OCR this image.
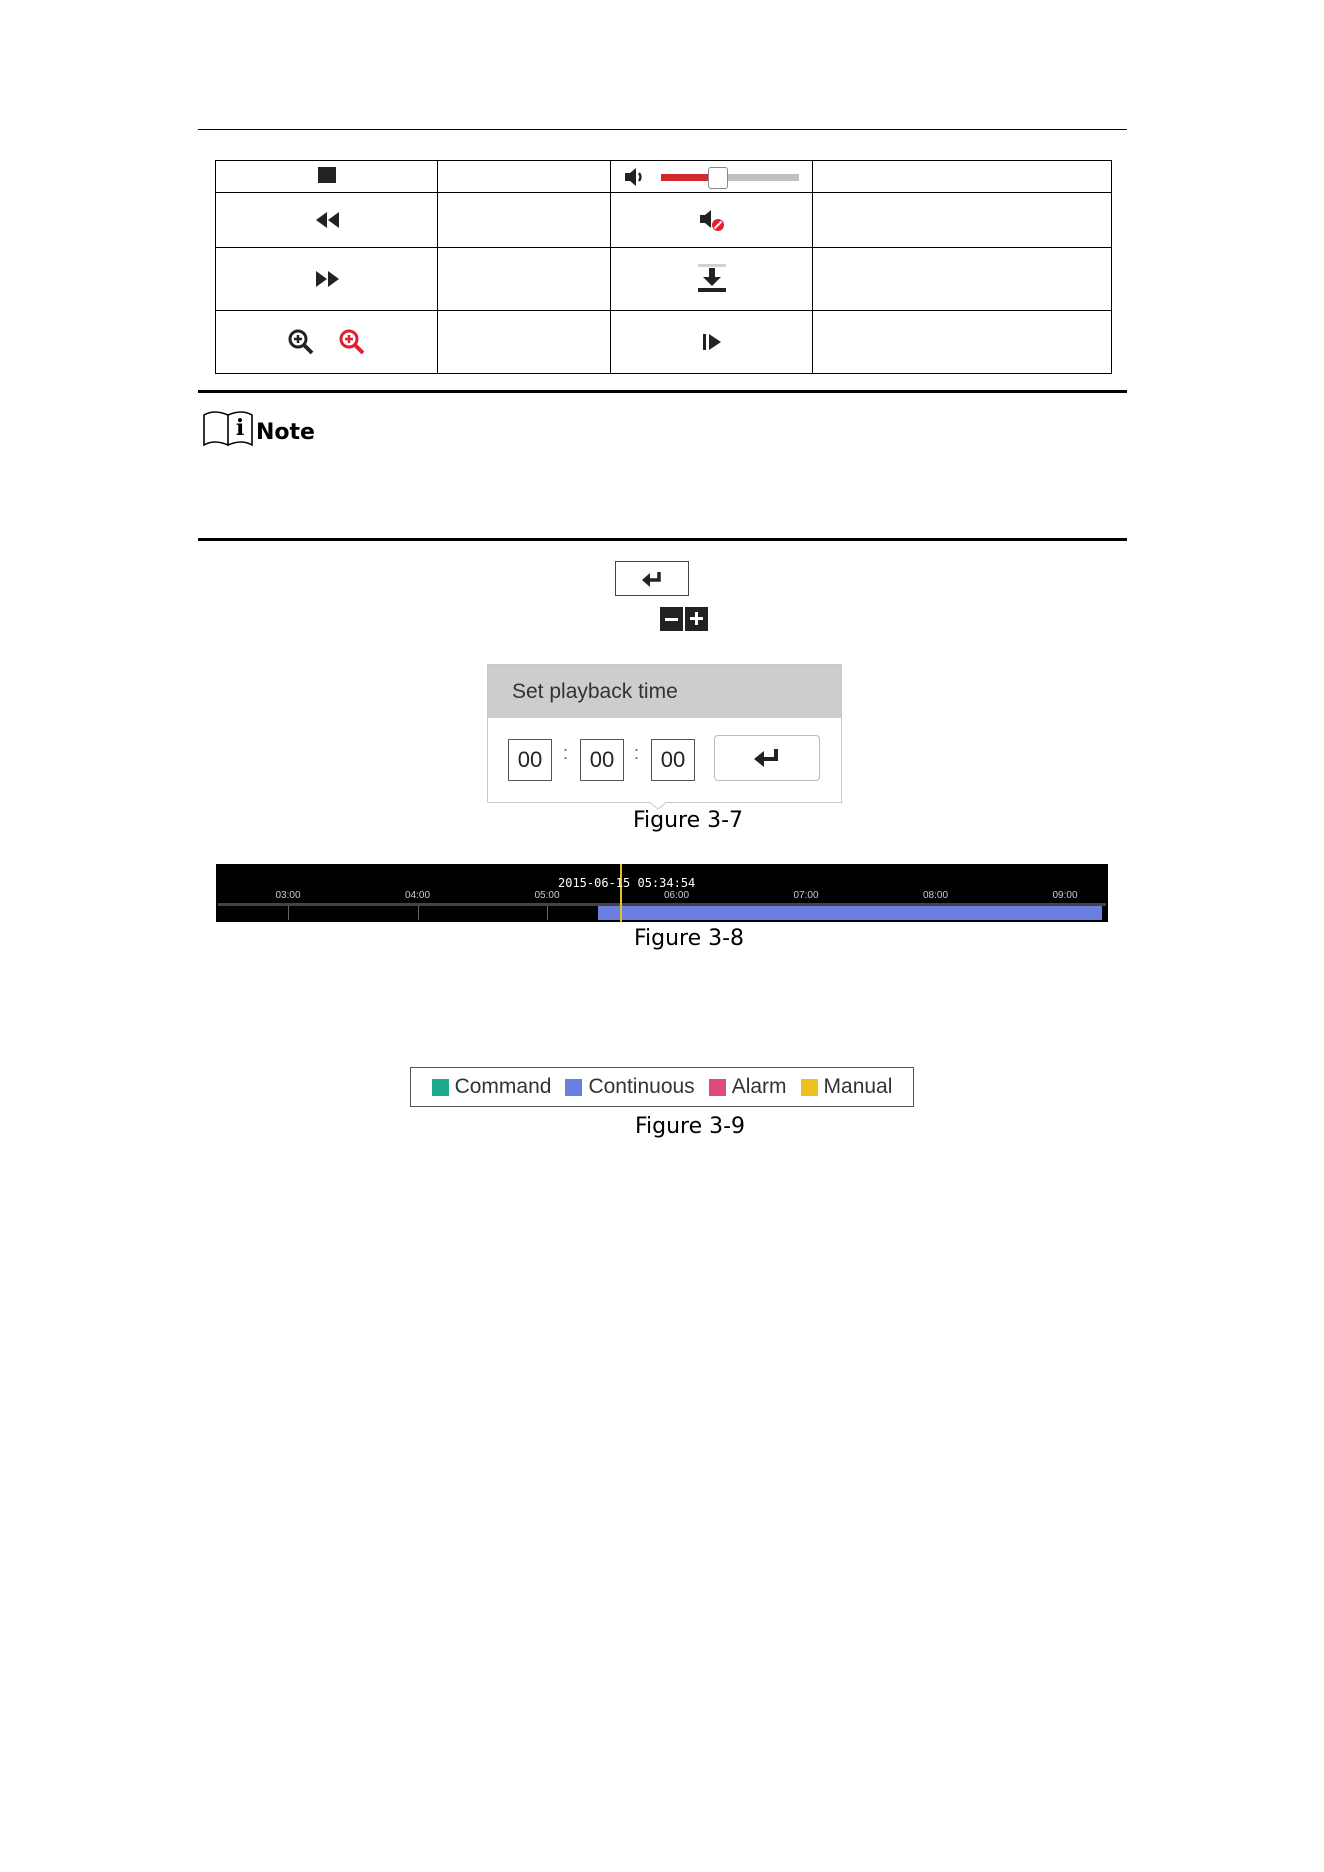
i Note
Set playback time
00	: 00	: 00
Figure 3-7
03:00	04:00	05:00	06:00	07:00	08:00	09:00
2015-06-15 05:34:54
Figure 3-8
Command Continuous Alarm Manual
Figure 3-9
